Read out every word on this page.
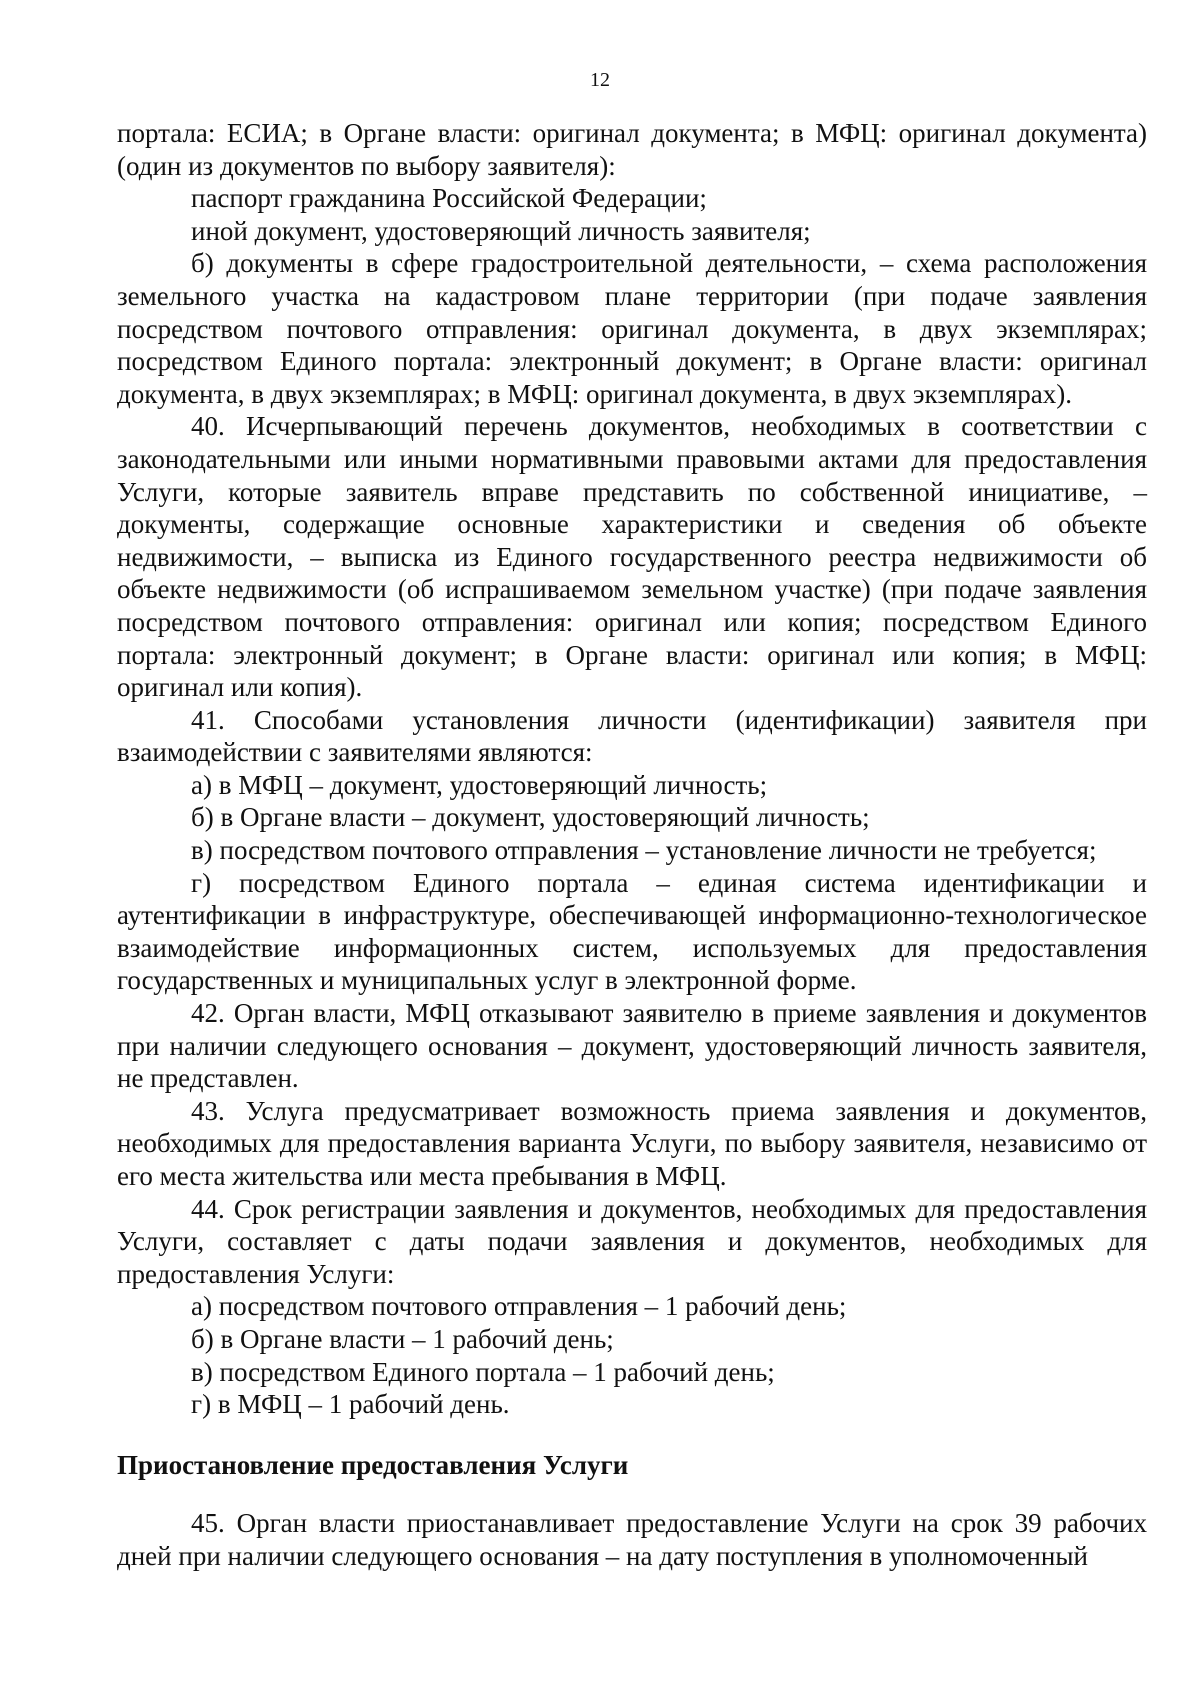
12

портала: ЕСИА; в Органе власти: оригинал документа; в МФЦ: оригинал документа) (один из документов по выбору заявителя):

паспорт гражданина Российской Федерации;

иной документ, удостоверяющий личность заявителя;

б) документы в сфере градостроительной деятельности, – схема расположения земельного участка на кадастровом плане территории (при подаче заявления посредством почтового отправления: оригинал документа, в двух экземплярах; посредством Единого портала: электронный документ; в Органе власти: оригинал документа, в двух экземплярах; в МФЦ: оригинал документа, в двух экземплярах).

40. Исчерпывающий перечень документов, необходимых в соответствии с законодательными или иными нормативными правовыми актами для предоставления Услуги, которые заявитель вправе представить по собственной инициативе, – документы, содержащие основные характеристики и сведения об объекте недвижимости, – выписка из Единого государственного реестра недвижимости об объекте недвижимости (об испрашиваемом земельном участке) (при подаче заявления посредством почтового отправления: оригинал или копия; посредством Единого портала: электронный документ; в Органе власти: оригинал или копия; в МФЦ: оригинал или копия).

41. Способами установления личности (идентификации) заявителя при взаимодействии с заявителями являются:

а) в МФЦ – документ, удостоверяющий личность;

б) в Органе власти – документ, удостоверяющий личность;

в) посредством почтового отправления – установление личности не требуется;

г) посредством Единого портала – единая система идентификации и аутентификации в инфраструктуре, обеспечивающей информационно-технологическое взаимодействие информационных систем, используемых для предоставления государственных и муниципальных услуг в электронной форме.

42. Орган власти, МФЦ отказывают заявителю в приеме заявления и документов при наличии следующего основания – документ, удостоверяющий личность заявителя, не представлен.

43. Услуга предусматривает возможность приема заявления и документов, необходимых для предоставления варианта Услуги, по выбору заявителя, независимо от его места жительства или места пребывания в МФЦ.

44. Срок регистрации заявления и документов, необходимых для предоставления Услуги, составляет с даты подачи заявления и документов, необходимых для предоставления Услуги:

а) посредством почтового отправления – 1 рабочий день;

б) в Органе власти – 1 рабочий день;

в) посредством Единого портала – 1 рабочий день;

г) в МФЦ – 1 рабочий день.

Приостановление предоставления Услуги

45. Орган власти приостанавливает предоставление Услуги на срок 39 рабочих дней при наличии следующего основания – на дату поступления в уполномоченный
